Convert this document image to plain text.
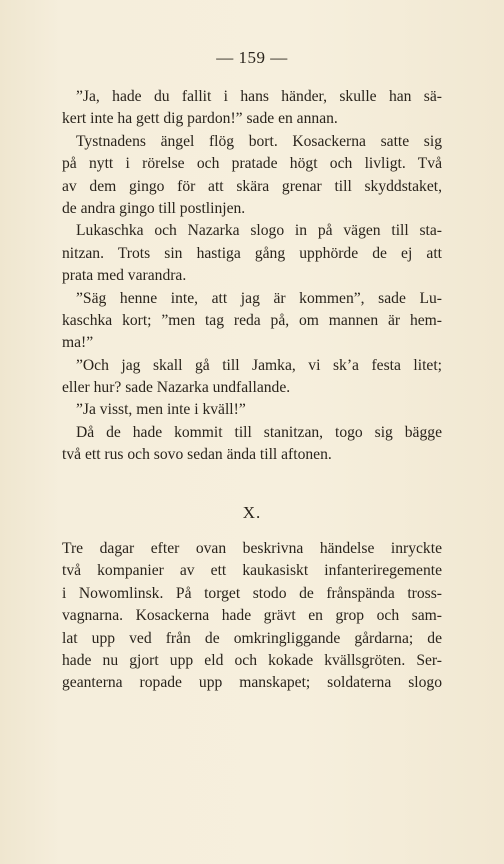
— 159 —
”Ja, hade du fallit i hans händer, skulle han sä-
kert inte ha gett dig pardon!” sade en annan.
Tystnadens ängel flög bort. Kosackerna satte sig
på nytt i rörelse och pratade högt och livligt. Två
av dem gingo för att skära grenar till skyddstaket,
de andra gingo till postlinjen.
Lukaschka och Nazarka slogo in på vägen till sta-
nitzan. Trots sin hastiga gång upphörde de ej att
prata med varandra.
”Säg henne inte, att jag är kommen”, sade Lu-
kaschka kort; ”men tag reda på, om mannen är hem-
ma!”
”Och jag skall gå till Jamka, vi sk’a festa litet;
eller hur? sade Nazarka undfallande.
”Ja visst, men inte i kväll!”
Då de hade kommit till stanitzan, togo sig bägge
två ett rus och sovo sedan ända till aftonen.
X.
Tre dagar efter ovan beskrivna händelse inryckte
två kompanier av ett kaukasiskt infanteriregemente
i Nowomlinsk. På torget stodo de frånspända tross-
vagnarna. Kosackerna hade grävt en grop och sam-
lat upp ved från de omkringliggande gårdarna; de
hade nu gjort upp eld och kokade kvällsgröten. Ser-
geanterna ropade upp manskapet; soldaterna slogo
